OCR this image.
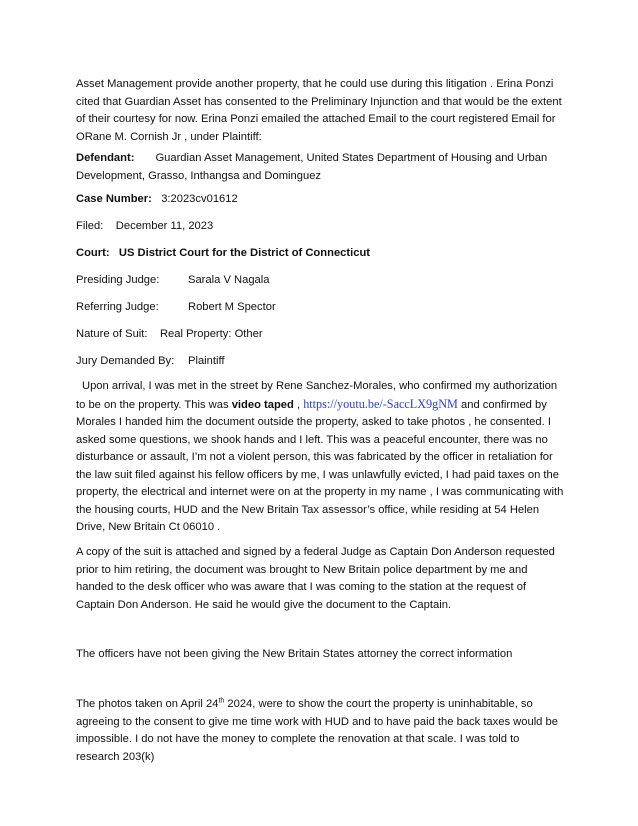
Asset Management provide another property, that he could use during this litigation . Erina Ponzi cited that Guardian Asset has consented to the Preliminary Injunction and that would be the extent of their courtesy for now. Erina Ponzi emailed the attached Email to the court registered Email for ORane M. Cornish Jr , under Plaintiff:

Defendant: Guardian Asset Management, United States Department of Housing and Urban Development, Grasso, Inthangsa and Dominguez

Case Number: 3:2023cv01612
Filed: December 11, 2023
Court: US District Court for the District of Connecticut
Presiding Judge:	Sarala V Nagala
Referring Judge:	Robert M Spector
Nature of Suit: Real Property: Other
Jury Demanded By: Plaintiff

Upon arrival, I was met in the street by Rene Sanchez-Morales, who confirmed my authorization to be on the property. This was video taped , https://youtu.be/-SaccLX9gNM and confirmed by Morales I handed him the document outside the property, asked to take photos , he consented. I asked some questions, we shook hands and I left. This was a peaceful encounter, there was no disturbance or assault, I’m not a violent person, this was fabricated by the officer in retaliation for the law suit filed against his fellow officers by me, I was unlawfully evicted, I had paid taxes on the property, the electrical and internet were on at the property in my name , I was communicating with the housing courts, HUD and the New Britain Tax assessor’s office, while residing at 54 Helen Drive, New Britain Ct 06010 .

A copy of the suit is attached and signed by a federal Judge as Captain Don Anderson requested prior to him retiring, the document was brought to New Britain police department by me and handed to the desk officer who was aware that I was coming to the station at the request of Captain Don Anderson. He said he would give the document to the Captain.

The officers have not been giving the New Britain States attorney the correct information

The photos taken on April 24th 2024, were to show the court the property is uninhabitable, so agreeing to the consent to give me time work with HUD and to have paid the back taxes would be impossible. I do not have the money to complete the renovation at that scale. I was told to research 203(k)
